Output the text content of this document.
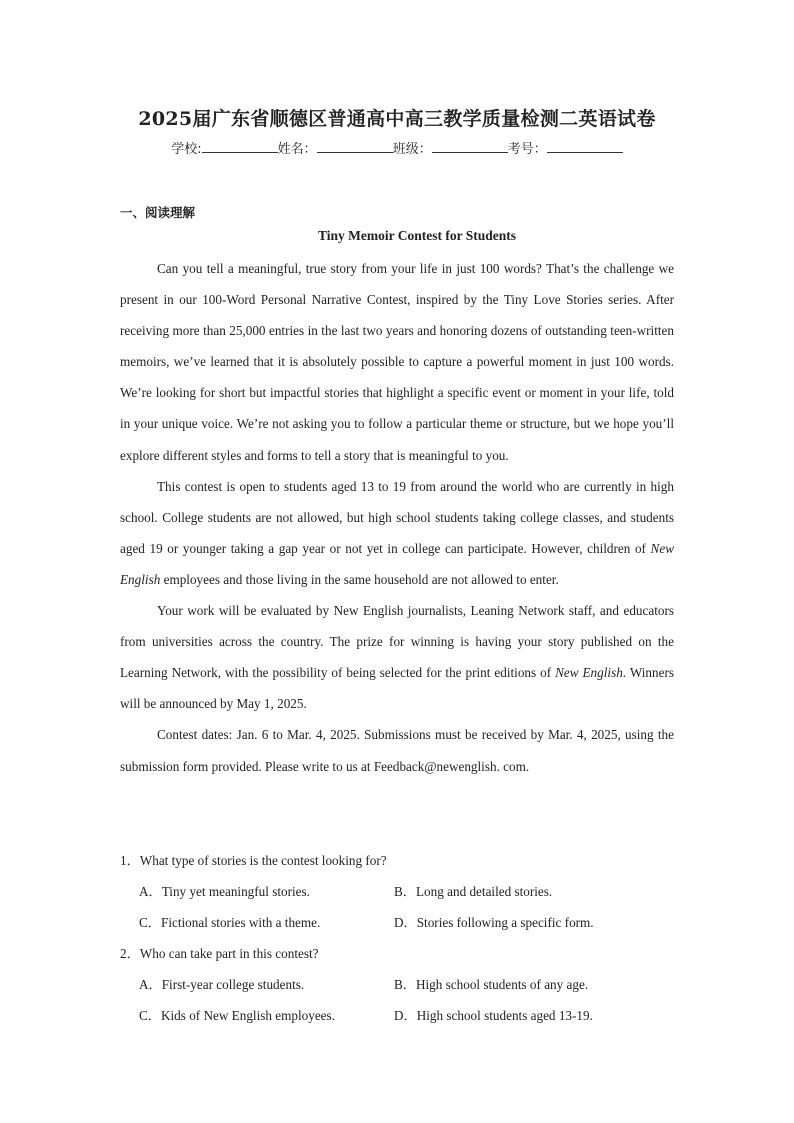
2025届广东省顺德区普通高中高三教学质量检测二英语试卷
学校:	姓名：	班级：	考号：
一、阅读理解
Tiny Memoir Contest for Students

Can you tell a meaningful, true story from your life in just 100 words? That’s the challenge we present in our 100-Word Personal Narrative Contest, inspired by the Tiny Love Stories series. After receiving more than 25,000 entries in the last two years and honoring dozens of outstanding teen-written memoirs, we’ve learned that it is absolutely possible to capture a powerful moment in just 100 words. We’re looking for short but impactful stories that highlight a specific event or moment in your life, told in your unique voice. We’re not asking you to follow a particular theme or structure, but we hope you’ll explore different styles and forms to tell a story that is meaningful to you.

This contest is open to students aged 13 to 19 from around the world who are currently in high school. College students are not allowed, but high school students taking college classes, and students aged 19 or younger taking a gap year or not yet in college can participate. However, children of New English employees and those living in the same household are not allowed to enter.

Your work will be evaluated by New English journalists, Leaning Network staff, and educators from universities across the country. The prize for winning is having your story published on the Learning Network, with the possibility of being selected for the print editions of New English. Winners will be announced by May 1, 2025.

Contest dates: Jan. 6 to Mar. 4, 2025. Submissions must be received by Mar. 4, 2025, using the submission form provided. Please write to us at Feedback@newenglish. com.

1．What type of stories is the contest looking for?
A．Tiny yet meaningful stories.	B．Long and detailed stories.
C．Fictional stories with a theme.	D．Stories following a specific form.
2．Who can take part in this contest?
A．First-year college students.	B．High school students of any age.
C．Kids of New English employees.	D．High school students aged 13-19.
